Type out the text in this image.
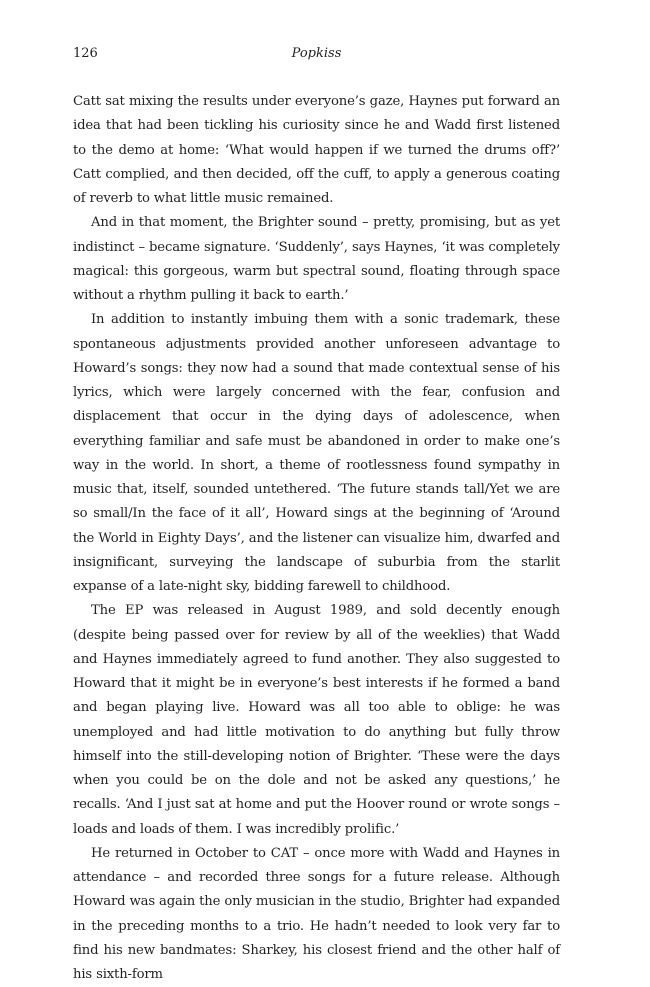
126	Popkiss

Catt sat mixing the results under everyone’s gaze, Haynes put forward an idea that had been tickling his curiosity since he and Wadd first listened to the demo at home: ‘What would happen if we turned the drums off?’ Catt complied, and then decided, off the cuff, to apply a generous coating of reverb to what little music remained.

And in that moment, the Brighter sound – pretty, promising, but as yet indistinct – became signature. ‘Suddenly’, says Haynes, ‘it was completely magical: this gorgeous, warm but spectral sound, floating through space without a rhythm pulling it back to earth.’

In addition to instantly imbuing them with a sonic trademark, these spontaneous adjustments provided another unforeseen advantage to Howard’s songs: they now had a sound that made contextual sense of his lyrics, which were largely concerned with the fear, confusion and displacement that occur in the dying days of adolescence, when everything familiar and safe must be abandoned in order to make one’s way in the world. In short, a theme of rootlessness found sympathy in music that, itself, sounded untethered. ‘The future stands tall/Yet we are so small/In the face of it all’, Howard sings at the beginning of ‘Around the World in Eighty Days’, and the listener can visualize him, dwarfed and insignificant, surveying the landscape of suburbia from the starlit expanse of a late-night sky, bidding farewell to childhood.

The EP was released in August 1989, and sold decently enough (despite being passed over for review by all of the weeklies) that Wadd and Haynes immediately agreed to fund another. They also suggested to Howard that it might be in everyone’s best interests if he formed a band and began playing live. Howard was all too able to oblige: he was unemployed and had little motivation to do anything but fully throw himself into the still-developing notion of Brighter. ‘These were the days when you could be on the dole and not be asked any questions,’ he recalls. ‘And I just sat at home and put the Hoover round or wrote songs – loads and loads of them. I was incredibly prolific.’

He returned in October to CAT – once more with Wadd and Haynes in attendance – and recorded three songs for a future release. Although Howard was again the only musician in the studio, Brighter had expanded in the preceding months to a trio. He hadn’t needed to look very far to find his new bandmates: Sharkey, his closest friend and the other half of his sixth-form
